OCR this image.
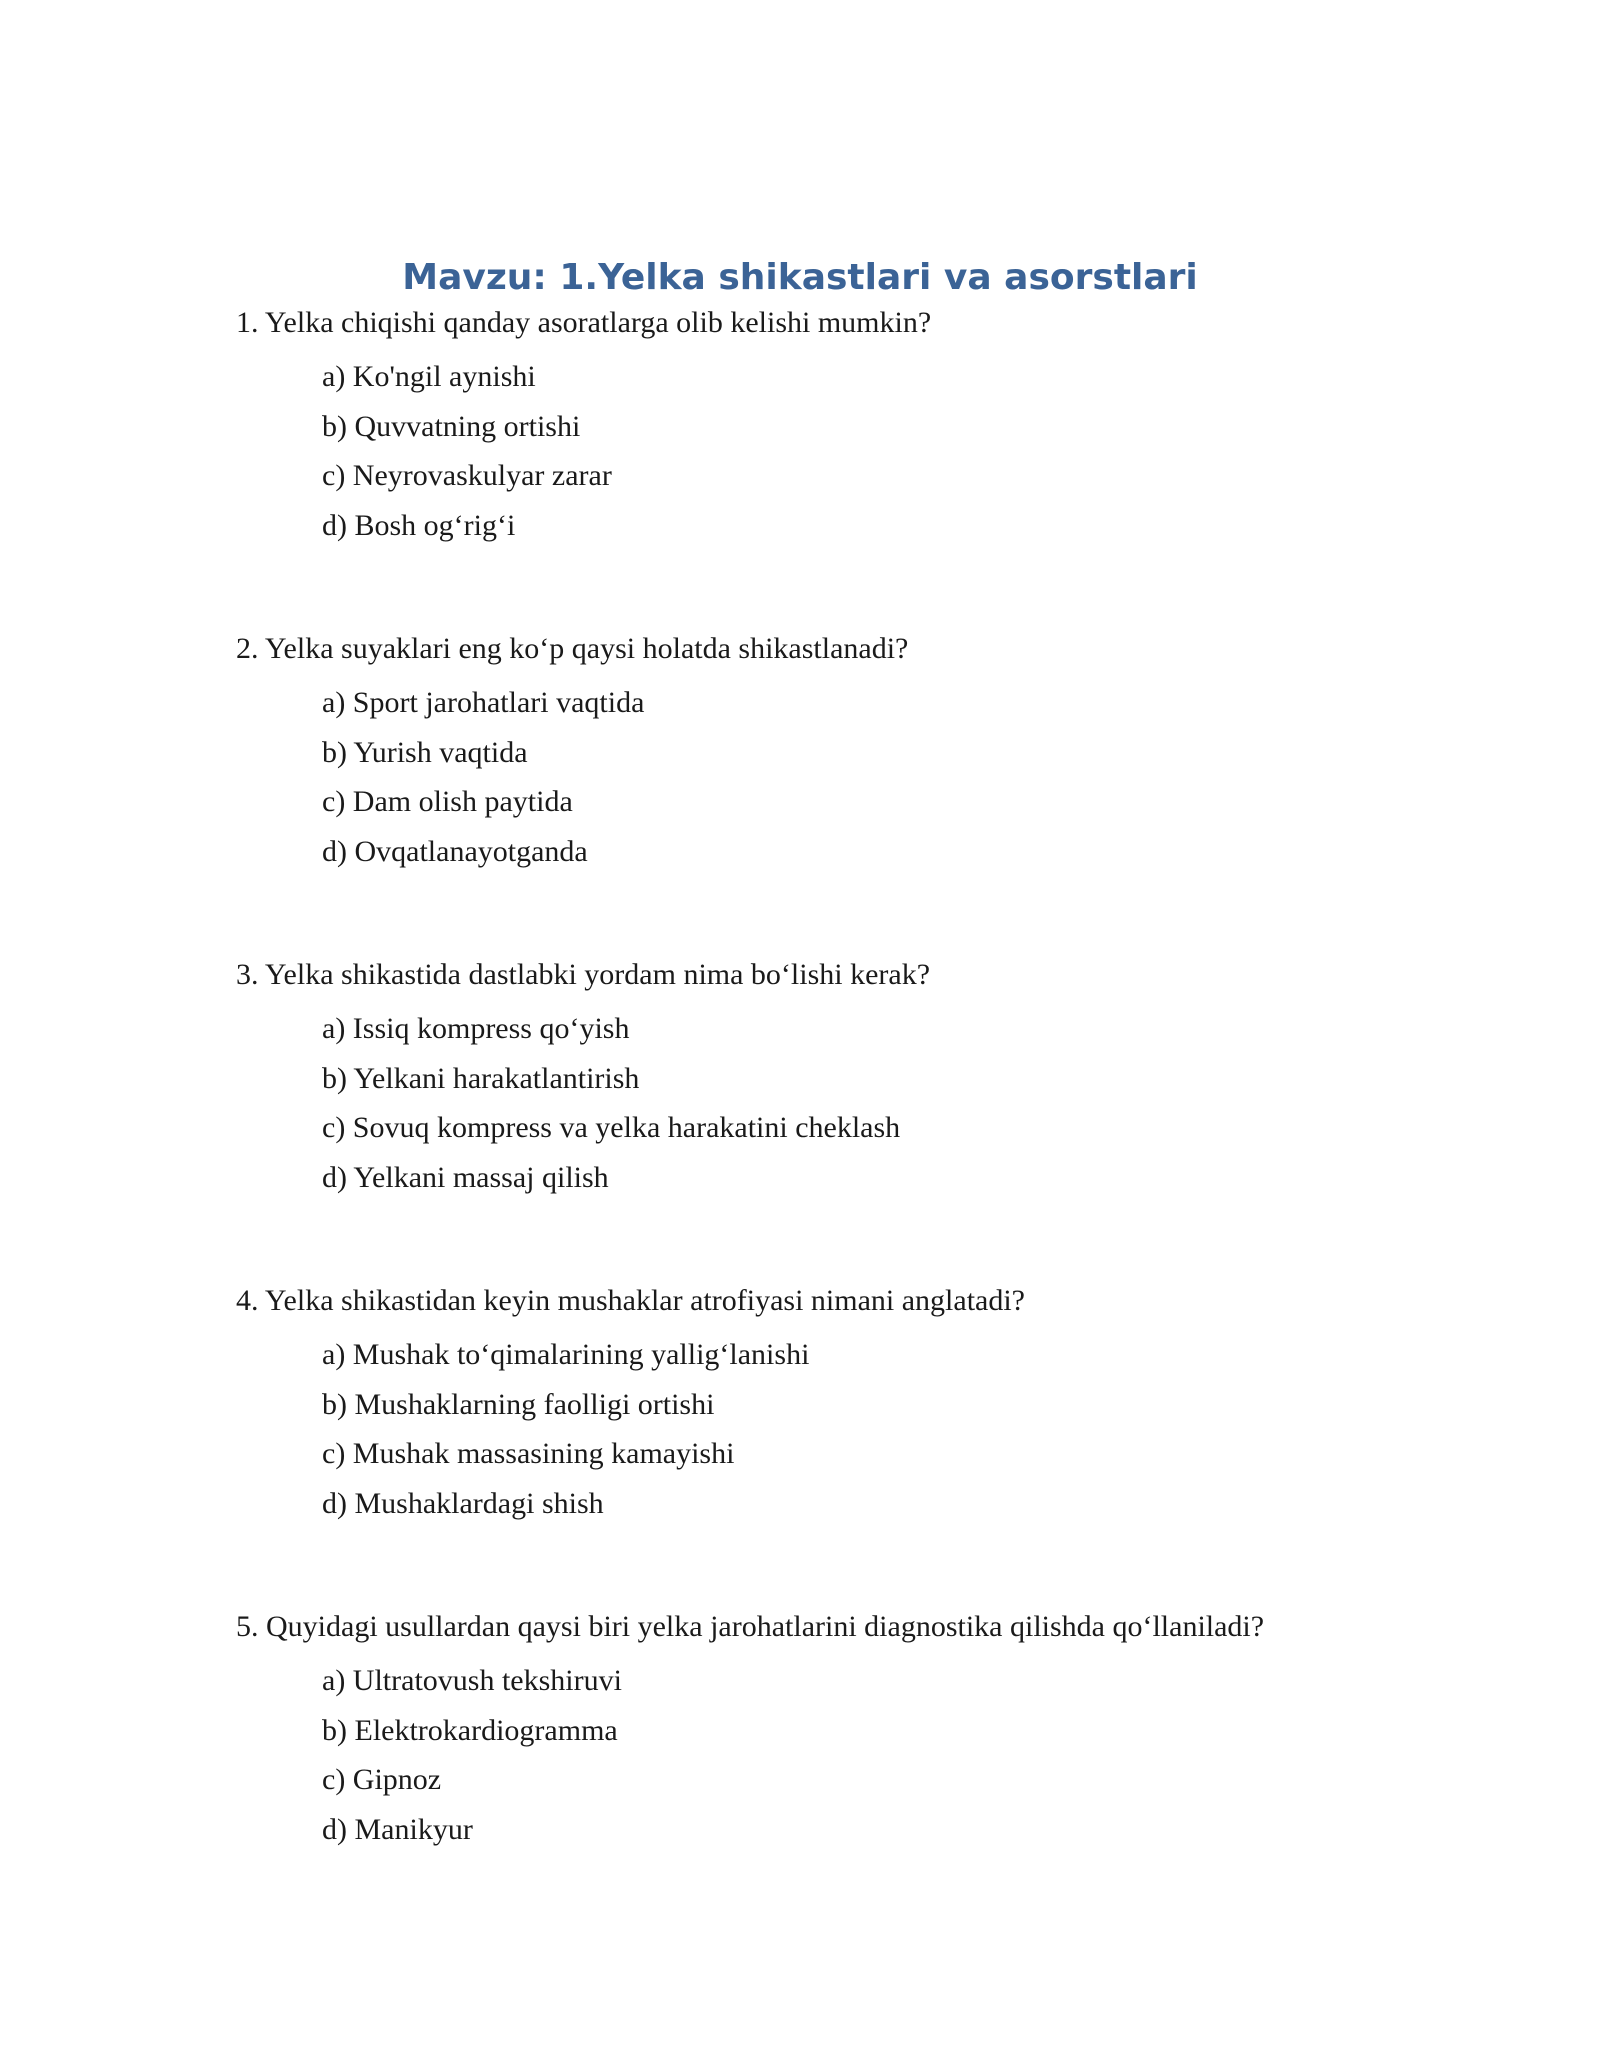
Mavzu: 1.Yelka shikastlari va asorstlari
1. Yelka chiqishi qanday asoratlarga olib kelishi mumkin?
a) Ko'ngil aynishi
b) Quvvatning ortishi
c) Neyrovaskulyar zarar
d) Bosh og‘rig‘i
2. Yelka suyaklari eng ko‘p qaysi holatda shikastlanadi?
a) Sport jarohatlari vaqtida
b) Yurish vaqtida
c) Dam olish paytida
d) Ovqatlanayotganda
3. Yelka shikastida dastlabki yordam nima bo‘lishi kerak?
a) Issiq kompress qo‘yish
b) Yelkani harakatlantirish
c) Sovuq kompress va yelka harakatini cheklash
d) Yelkani massaj qilish
4. Yelka shikastidan keyin mushaklar atrofiyasi nimani anglatadi?
a) Mushak to‘qimalarining yallig‘lanishi
b) Mushaklarning faolligi ortishi
c) Mushak massasining kamayishi
d) Mushaklardagi shish
5. Quyidagi usullardan qaysi biri yelka jarohatlarini diagnostika qilishda qo‘llaniladi?
a) Ultratovush tekshiruvi
b) Elektrokardiogramma
c) Gipnoz
d) Manikyur
